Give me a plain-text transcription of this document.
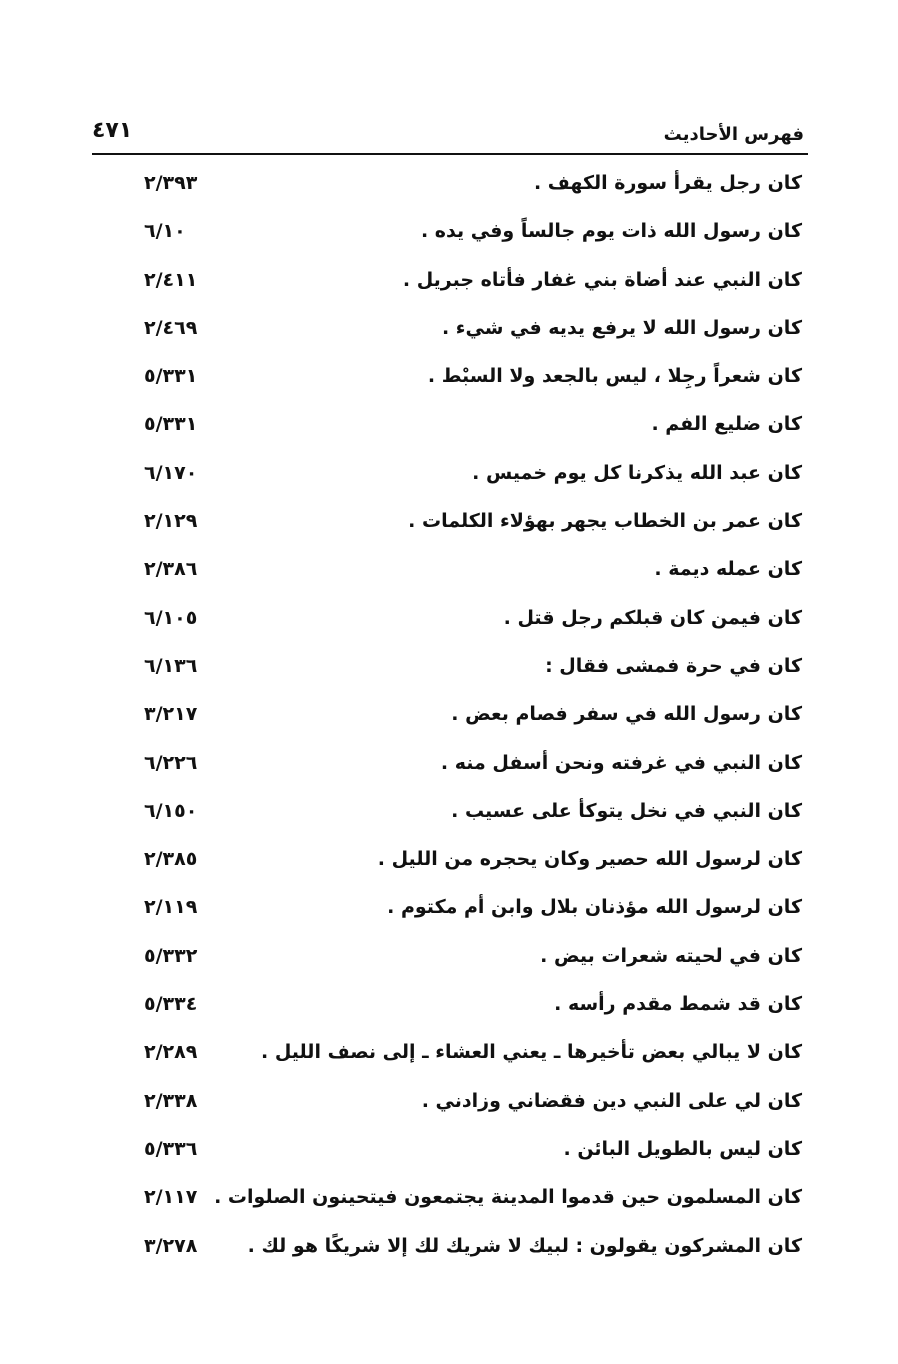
فهرس الأحاديث
٤٧١
كان رجل يقرأ سورة الكهف .
٢/٣٩٣
كان رسول الله ذات يوم جالساً وفي يده .
٦/١٠
كان النبي عند أضاة بني غفار فأتاه جبريل .
٢/٤١١
كان رسول الله لا يرفع يديه في شيء .
٢/٤٦٩
كان شعراً رجِلا ، ليس بالجعد ولا السبْط .
٥/٣٣١
كان ضليع الفم .
٥/٣٣١
كان عبد الله يذكرنا كل يوم خميس .
٦/١٧٠
كان عمر بن الخطاب يجهر بهؤلاء الكلمات .
٢/١٢٩
كان عمله ديمة .
٢/٣٨٦
كان فيمن كان قبلكم رجل قتل .
٦/١٠٥
كان في حرة فمشى فقال :
٦/١٣٦
كان رسول الله في سفر فصام بعض .
٣/٢١٧
كان النبي في غرفته ونحن أسفل منه .
٦/٢٢٦
كان النبي في نخل يتوكأ على عسيب .
٦/١٥٠
كان لرسول الله حصير وكان يحجره من الليل .
٢/٣٨٥
كان لرسول الله مؤذنان بلال وابن أم مكتوم .
٢/١١٩
كان في لحيته شعرات بيض .
٥/٣٣٢
كان قد شمط مقدم رأسه .
٥/٣٣٤
كان لا يبالي بعض تأخيرها ـ يعني العشاء ـ إلى نصف الليل .
٢/٢٨٩
كان لي على النبي دين فقضاني وزادني .
٢/٣٣٨
كان ليس بالطويل البائن .
٥/٣٣٦
كان المسلمون حين قدموا المدينة يجتمعون فيتحينون الصلوات .
٢/١١٧
كان المشركون يقولون : لبيك لا شريك لك إلا شريكًا هو لك .
٣/٢٧٨
